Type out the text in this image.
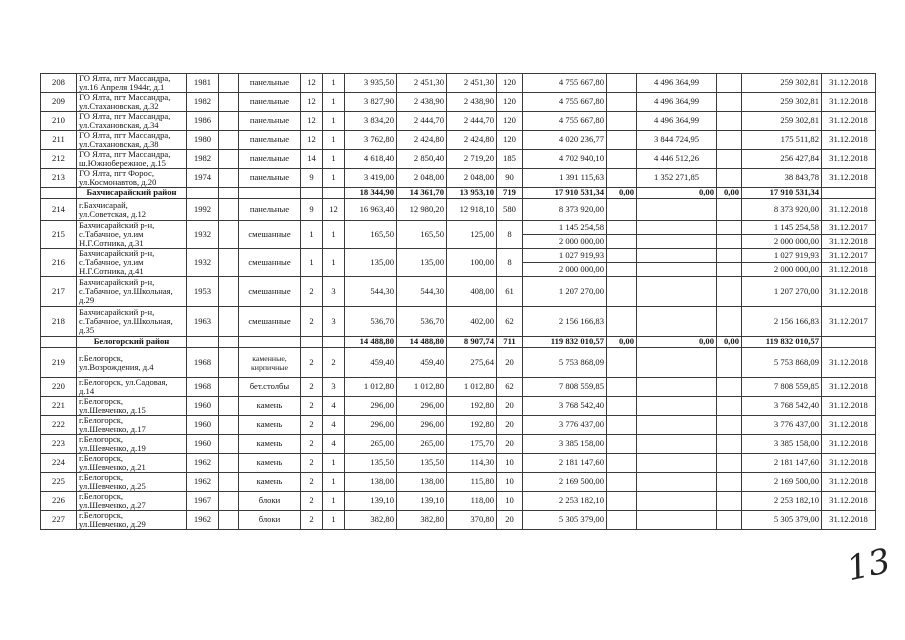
208	ГО Ялта, пгт Массандра,
ул.16 Апреля 1944г, д.1	1981		панельные	12	1	3 935,50	2 451,30	2 451,30	120	4 755 667,80		4 496 364,99		259 302,81	31.12.2018
209	ГО Ялта, пгт Массандра,
ул.Стахановская, д.32	1982		панельные	12	1	3 827,90	2 438,90	2 438,90	120	4 755 667,80		4 496 364,99		259 302,81	31.12.2018
210	ГО Ялта, пгт Массандра,
ул.Стахановская, д.34	1986		панельные	12	1	3 834,20	2 444,70	2 444,70	120	4 755 667,80		4 496 364,99		259 302,81	31.12.2018
211	ГО Ялта, пгт Массандра,
ул.Стахановская, д.38	1980		панельные	12	1	3 762,80	2 424,80	2 424,80	120	4 020 236,77		3 844 724,95		175 511,82	31.12.2018
212	ГО Ялта, пгт Массандра,
ш.Южнобережное, д.15	1982		панельные	14	1	4 618,40	2 850,40	2 719,20	185	4 702 940,10		4 446 512,26		256 427,84	31.12.2018
213	ГО Ялта, пгт Форос,
ул.Космонавтов, д.20	1974		панельные	9	1	3 419,00	2 048,00	2 048,00	90	1 391 115,63		1 352 271,85		38 843,78	31.12.2018
	Бахчисарайский район						18 344,90	14 361,70	13 953,10	719	17 910 531,34	0,00	0,00	0,00	17 910 531,34	
214	г.Бахчисарай,
ул.Советская, д.12	1992		панельные	9	12	16 963,40	12 980,20	12 918,10	580	8 373 920,00				8 373 920,00	31.12.2018
215	Бахчисарайский р-н,
с.Табачное, ул.им
Н.Г.Сотника, д.31	1932		смешанные	1	1	165,50	165,50	125,00	8	1 145 254,58				1 145 254,58	31.12.2017
											2 000 000,00				2 000 000,00	31.12.2018
216	Бахчисарайский р-н,
с.Табачное, ул.им
Н.Г.Сотника, д.41	1932		смешанные	1	1	135,00	135,00	100,00	8	1 027 919,93				1 027 919,93	31.12.2017
											2 000 000,00				2 000 000,00	31.12.2018
217	Бахчисарайский р-н,
с.Табачное, ул.Школьная,
д.29	1953		смешанные	2	3	544,30	544,30	408,00	61	1 207 270,00				1 207 270,00	31.12.2018
218	Бахчисарайский р-н,
с.Табачное, ул.Школьная,
д.35	1963		смешанные	2	3	536,70	536,70	402,00	62	2 156 166,83				2 156 166,83	31.12.2017
	Белогорский район						14 488,80	14 488,80	8 907,74	711	119 832 010,57	0,00	0,00	0,00	119 832 010,57	
219	г.Белогорск,
ул.Возрождения, д.4	1968		каменные, кирпичные	2	2	459,40	459,40	275,64	20	5 753 868,09				5 753 868,09	31.12.2018
220	г.Белогорск, ул.Садовая,
д.14	1968		бет.столбы	2	3	1 012,80	1 012,80	1 012,80	62	7 808 559,85				7 808 559,85	31.12.2018
221	г.Белогорск,
ул.Шевченко, д.15	1960		камень	2	4	296,00	296,00	192,80	20	3 768 542,40				3 768 542,40	31.12.2018
222	г.Белогорск,
ул.Шевченко, д.17	1960		камень	2	4	296,00	296,00	192,80	20	3 776 437,00				3 776 437,00	31.12.2018
223	г.Белогорск,
ул.Шевченко, д.19	1960		камень	2	4	265,00	265,00	175,70	20	3 385 158,00				3 385 158,00	31.12.2018
224	г.Белогорск,
ул.Шевченко, д.21	1962		камень	2	1	135,50	135,50	114,30	10	2 181 147,60				2 181 147,60	31.12.2018
225	г.Белогорск,
ул.Шевченко, д.25	1962		камень	2	1	138,00	138,00	115,80	10	2 169 500,00				2 169 500,00	31.12.2018
226	г.Белогорск,
ул.Шевченко, д.27	1967		блоки	2	1	139,10	139,10	118,00	10	2 253 182,10				2 253 182,10	31.12.2018
227	г.Белогорск,
ул.Шевченко, д.29	1962		блоки	2	1	382,80	382,80	370,80	20	5 305 379,00				5 305 379,00	31.12.2018
13
